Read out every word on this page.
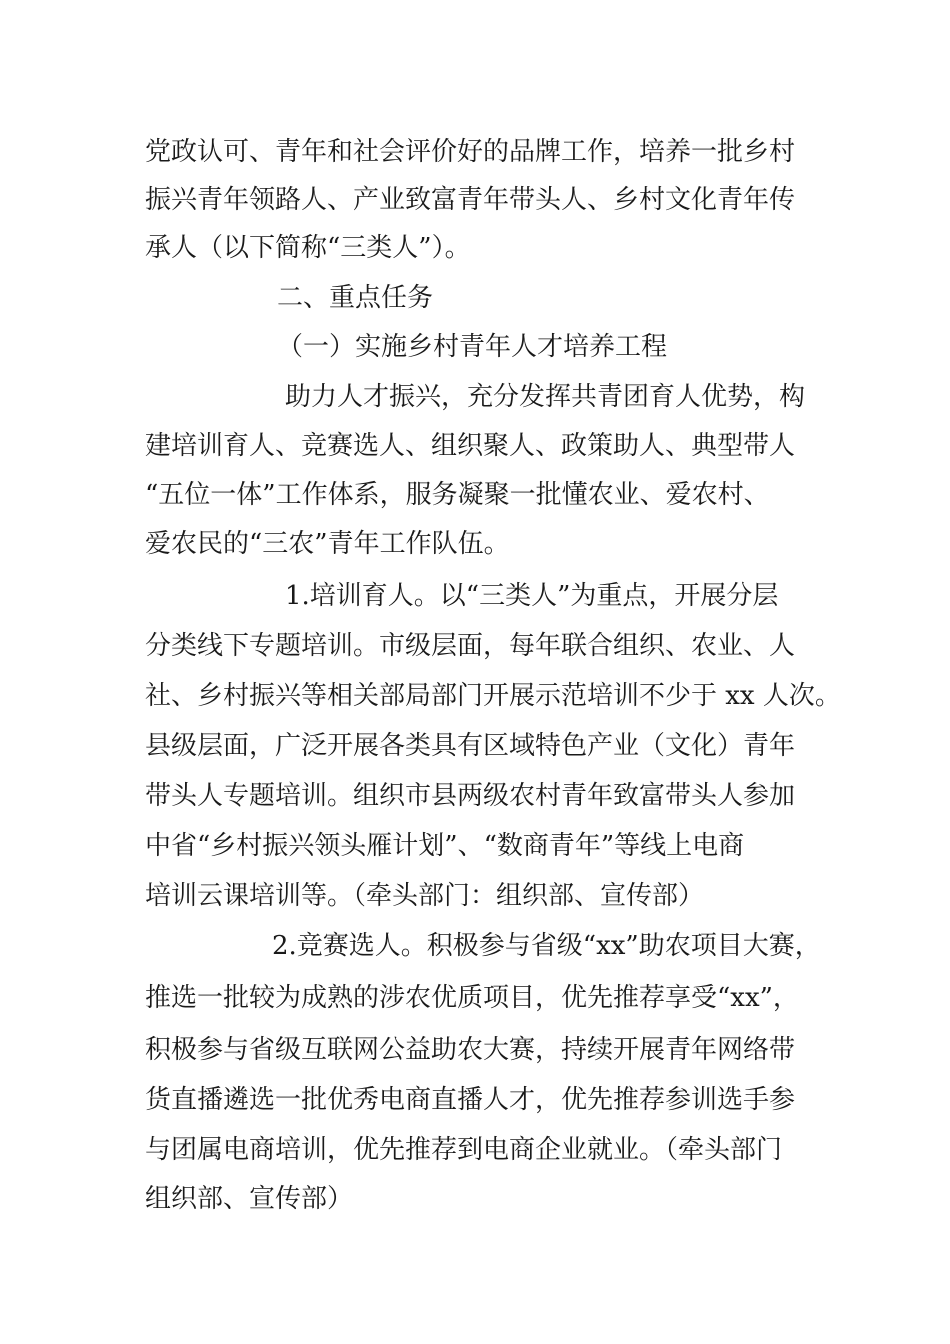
党政认可、青年和社会评价好的品牌工作，培养一批乡村
振兴青年领路人、产业致富青年带头人、乡村文化青年传
承人（以下简称“三类人”）。
二、重点任务
（一）实施乡村青年人才培养工程
助力人才振兴，充分发挥共青团育人优势，构
建培训育人、竞赛选人、组织聚人、政策助人、典型带人
“五位一体”工作体系，服务凝聚一批懂农业、爱农村、
爱农民的“三农”青年工作队伍。
1.培训育人。以“三类人”为重点，开展分层
分类线下专题培训。市级层面，每年联合组织、农业、人
社、乡村振兴等相关部局部门开展示范培训不少于 xx 人次。
县级层面，广泛开展各类具有区域特色产业（文化）青年
带头人专题培训。组织市县两级农村青年致富带头人参加
中省“乡村振兴领头雁计划”、“数商青年”等线上电商
培训云课培训等。（牵头部门：组织部、宣传部）
2.竞赛选人。积极参与省级“xx”助农项目大赛，
推选一批较为成熟的涉农优质项目，优先推荐享受“xx”，
积极参与省级互联网公益助农大赛，持续开展青年网络带
货直播遴选一批优秀电商直播人才，优先推荐参训选手参
与团属电商培训，优先推荐到电商企业就业。（牵头部门
组织部、宣传部）
